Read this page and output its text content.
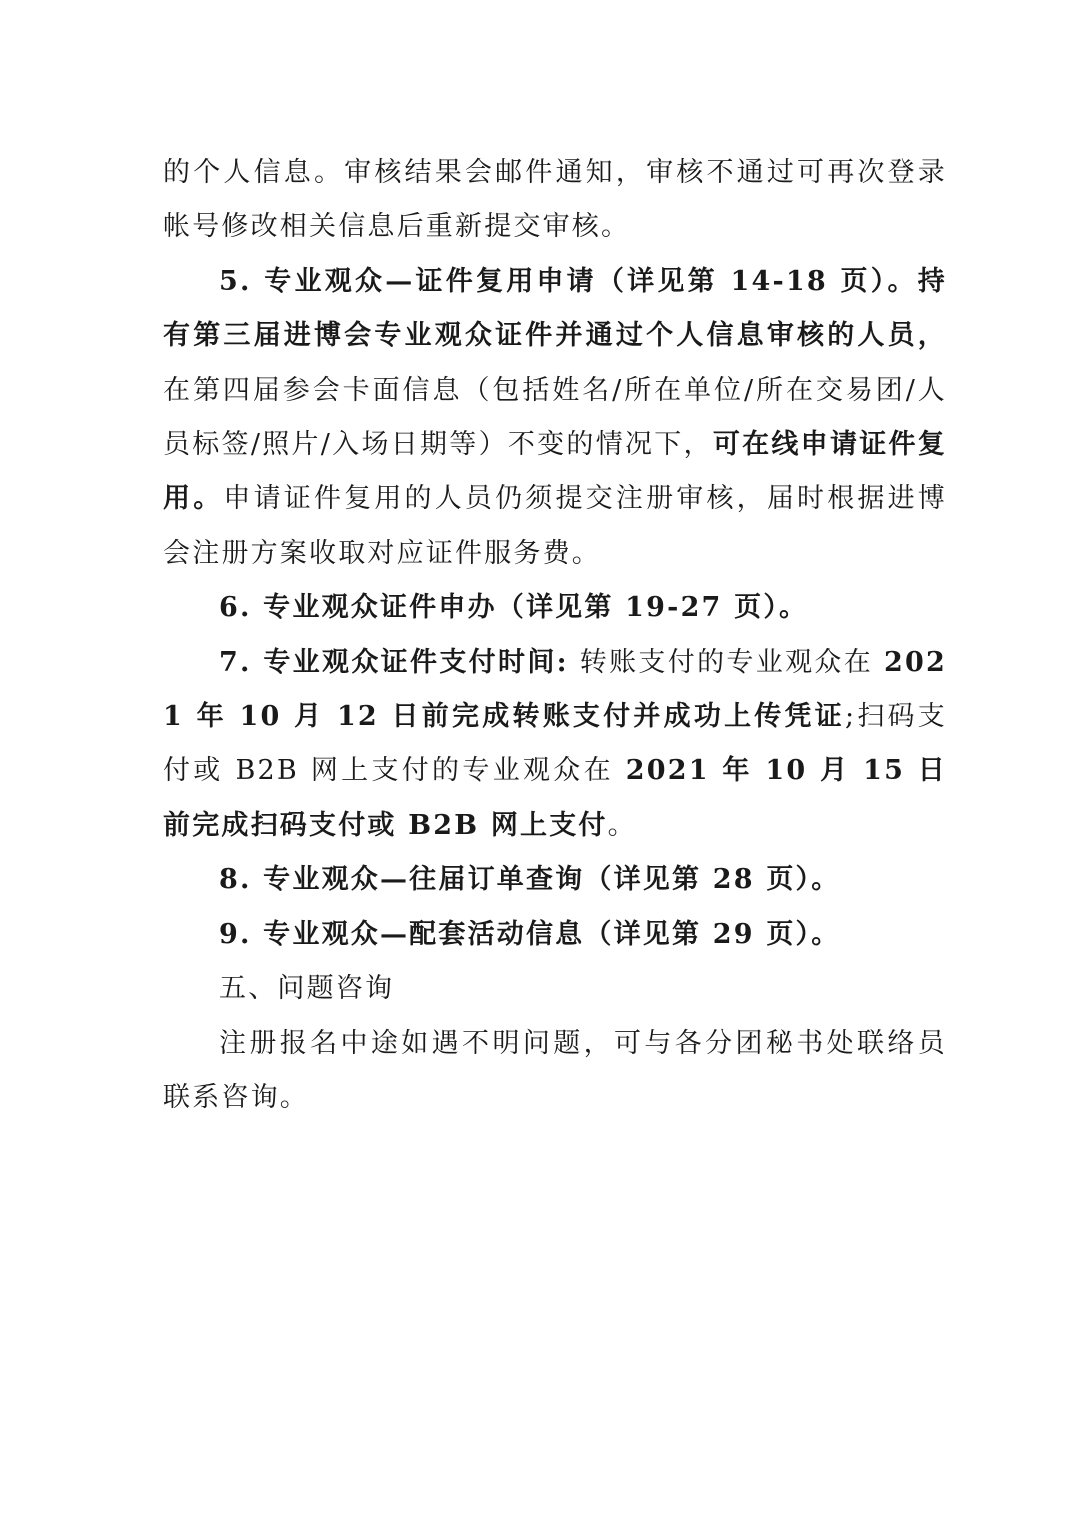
的个人信息。审核结果会邮件通知，审核不通过可再次登录帐号修改相关信息后重新提交审核。

5. 专业观众—证件复用申请（详见第 14-18 页）。持有第三届进博会专业观众证件并通过个人信息审核的人员，在第四届参会卡面信息（包括姓名/所在单位/所在交易团/人员标签/照片/入场日期等）不变的情况下，可在线申请证件复用。申请证件复用的人员仍须提交注册审核，届时根据进博会注册方案收取对应证件服务费。

6. 专业观众证件申办（详见第 19-27 页）。

7. 专业观众证件支付时间: 转账支付的专业观众在 2021 年 10 月 12 日前完成转账支付并成功上传凭证;扫码支付或 B2B 网上支付的专业观众在 2021 年 10 月 15 日前完成扫码支付或 B2B 网上支付。

8. 专业观众—往届订单查询（详见第 28 页）。

9. 专业观众—配套活动信息（详见第 29 页）。

五、问题咨询

注册报名中途如遇不明问题，可与各分团秘书处联络员联系咨询。
